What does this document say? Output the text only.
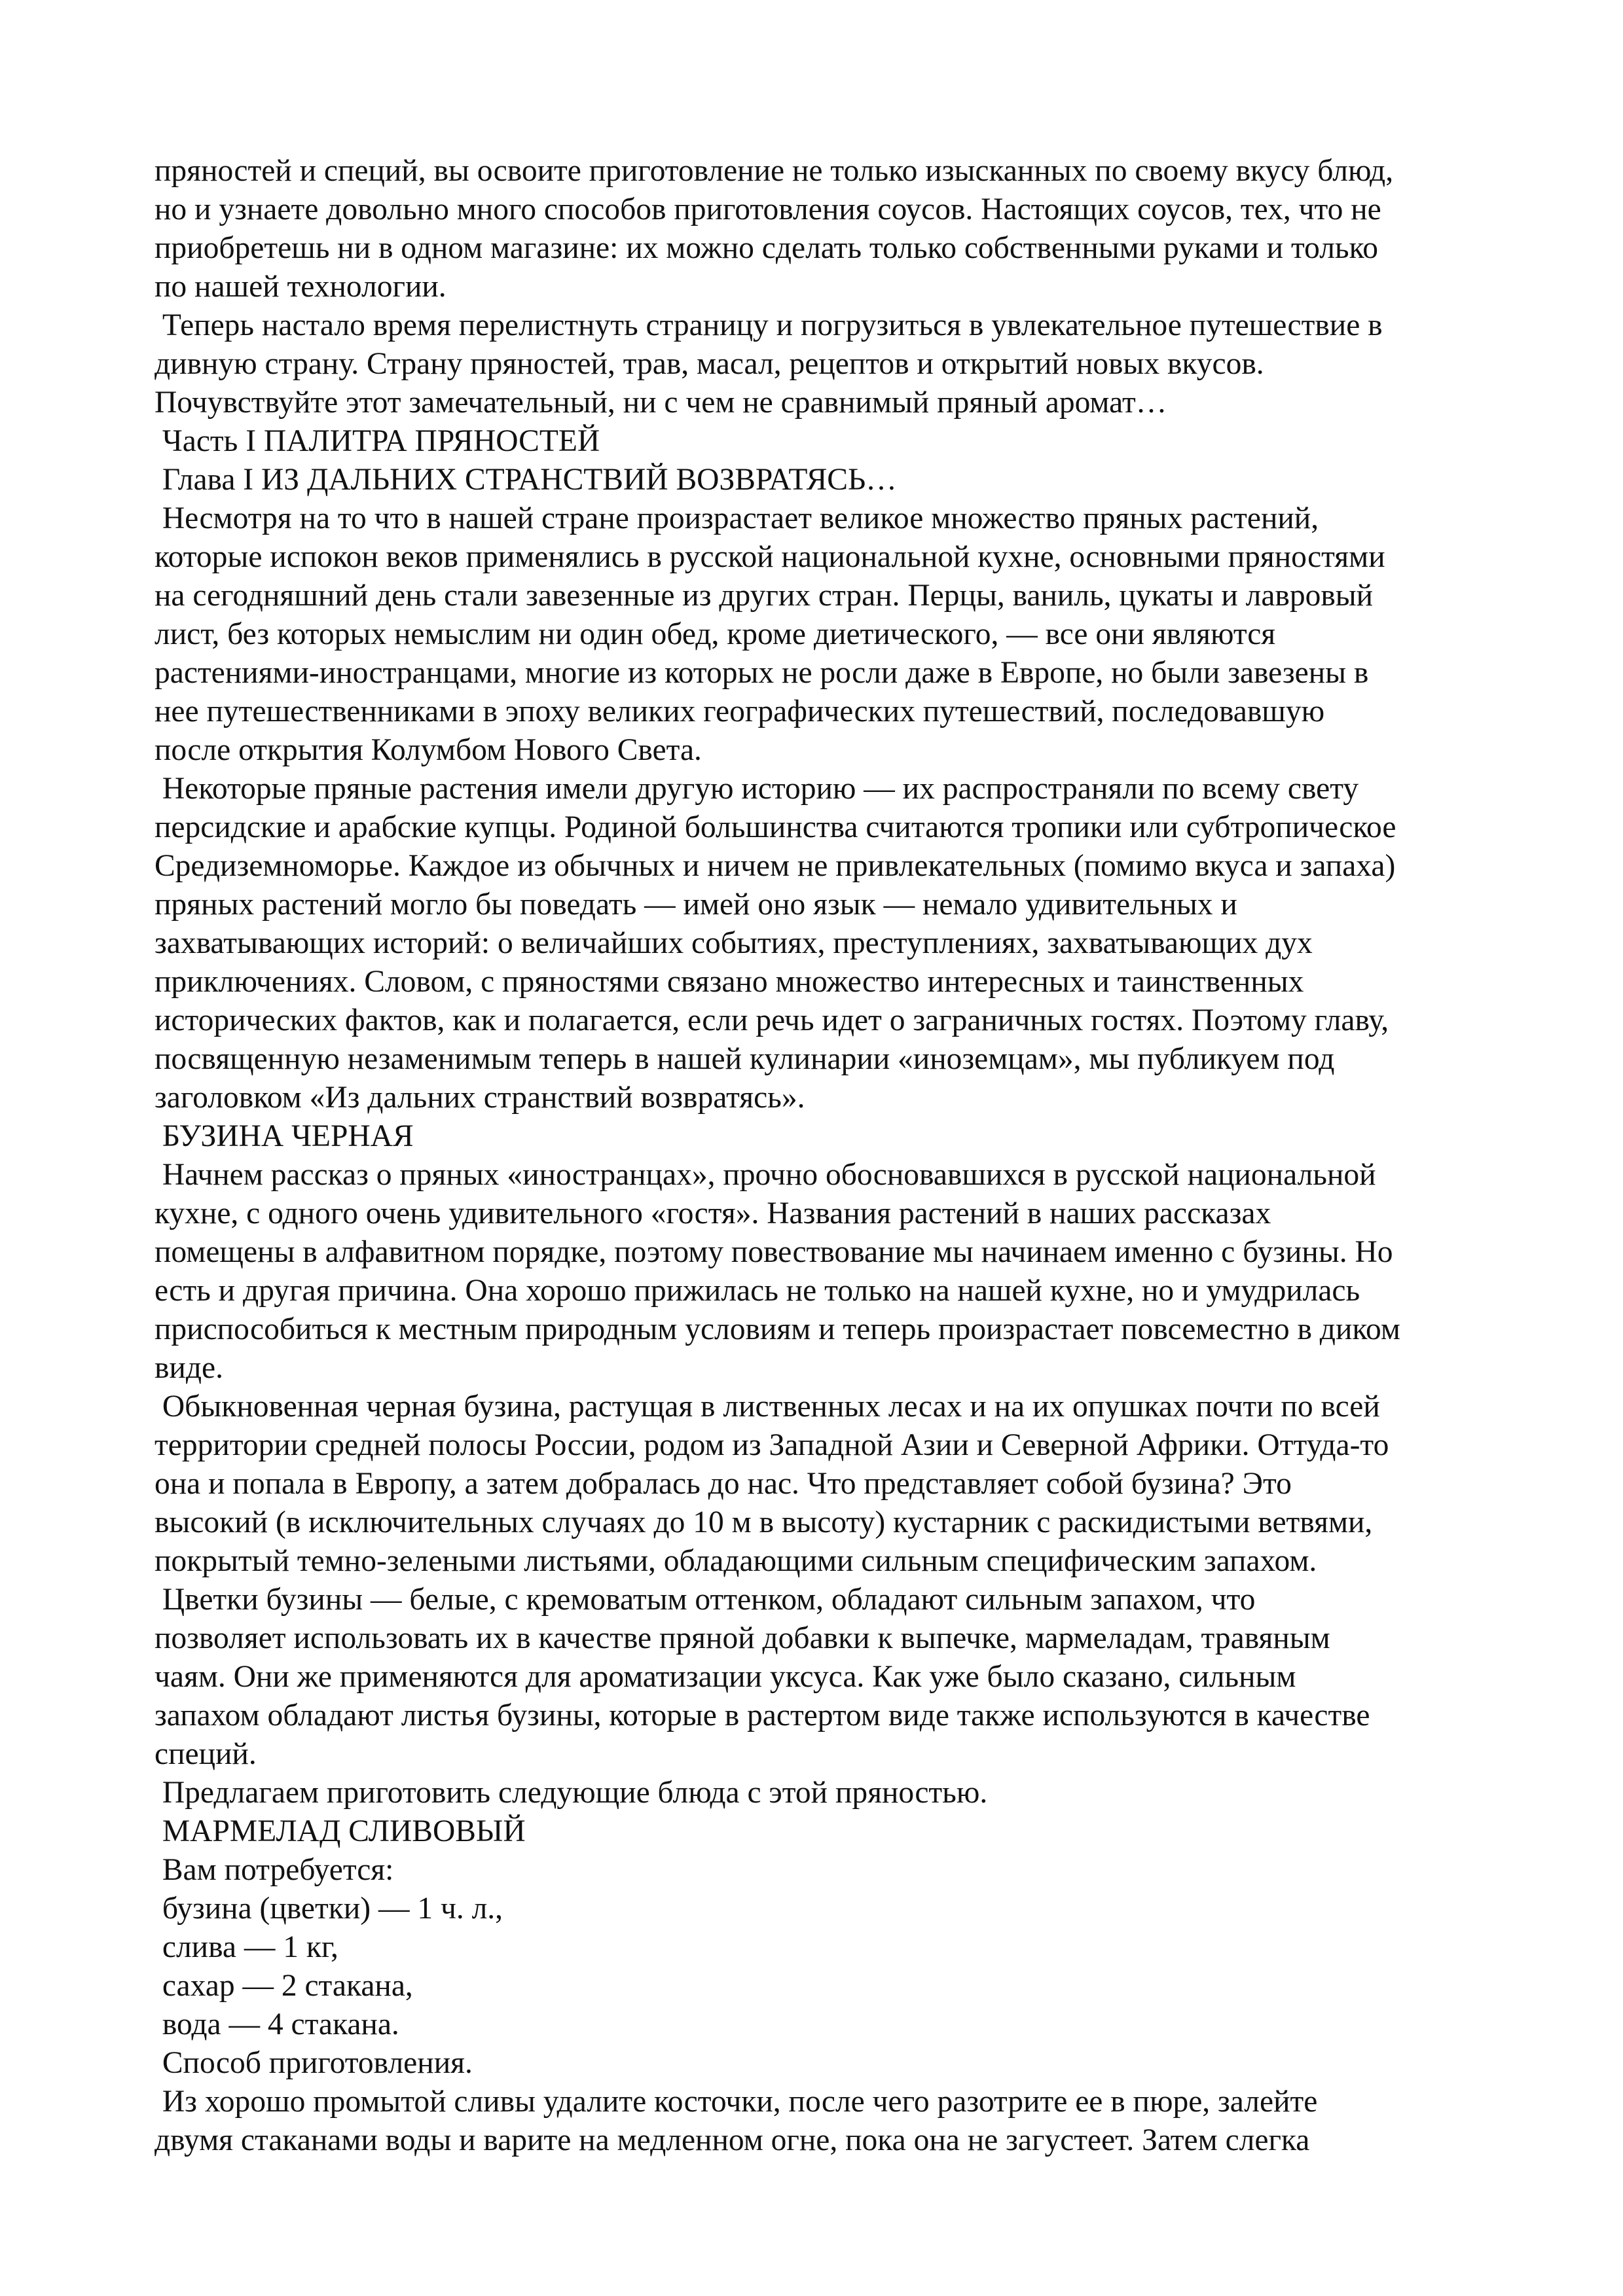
пряностей и специй, вы освоите приготовление не только изысканных по своему вкусу блюд,
но и узнаете довольно много способов приготовления соусов. Настоящих соусов, тех, что не
приобретешь ни в одном магазине: их можно сделать только собственными руками и только
по нашей технологии.
Теперь настало время перелистнуть страницу и погрузиться в увлекательное путешествие в
дивную страну. Страну пряностей, трав, масал, рецептов и открытий новых вкусов.
Почувствуйте этот замечательный, ни с чем не сравнимый пряный аромат…
Часть I ПАЛИТРА ПРЯНОСТЕЙ
Глава I ИЗ ДАЛЬНИХ СТРАНСТВИЙ ВОЗВРАТЯСЬ…
Несмотря на то что в нашей стране произрастает великое множество пряных растений,
которые испокон веков применялись в русской национальной кухне, основными пряностями
на сегодняшний день стали завезенные из других стран. Перцы, ваниль, цукаты и лавровый
лист, без которых немыслим ни один обед, кроме диетического, — все они являются
растениями-иностранцами, многие из которых не росли даже в Европе, но были завезены в
нее путешественниками в эпоху великих географических путешествий, последовавшую
после открытия Колумбом Нового Света.
Некоторые пряные растения имели другую историю — их распространяли по всему свету
персидские и арабские купцы. Родиной большинства считаются тропики или субтропическое
Средиземноморье. Каждое из обычных и ничем не привлекательных (помимо вкуса и запаха)
пряных растений могло бы поведать — имей оно язык — немало удивительных и
захватывающих историй: о величайших событиях, преступлениях, захватывающих дух
приключениях. Словом, с пряностями связано множество интересных и таинственных
исторических фактов, как и полагается, если речь идет о заграничных гостях. Поэтому главу,
посвященную незаменимым теперь в нашей кулинарии «иноземцам», мы публикуем под
заголовком «Из дальних странствий возвратясь».
БУЗИНА ЧЕРНАЯ
Начнем рассказ о пряных «иностранцах», прочно обосновавшихся в русской национальной
кухне, с одного очень удивительного «гостя». Названия растений в наших рассказах
помещены в алфавитном порядке, поэтому повествование мы начинаем именно с бузины. Но
есть и другая причина. Она хорошо прижилась не только на нашей кухне, но и умудрилась
приспособиться к местным природным условиям и теперь произрастает повсеместно в диком
виде.
Обыкновенная черная бузина, растущая в лиственных лесах и на их опушках почти по всей
территории средней полосы России, родом из Западной Азии и Северной Африки. Оттуда-то
она и попала в Европу, а затем добралась до нас. Что представляет собой бузина? Это
высокий (в исключительных случаях до 10 м в высоту) кустарник с раскидистыми ветвями,
покрытый темно-зелеными листьями, обладающими сильным специфическим запахом.
Цветки бузины — белые, с кремоватым оттенком, обладают сильным запахом, что
позволяет использовать их в качестве пряной добавки к выпечке, мармеладам, травяным
чаям. Они же применяются для ароматизации уксуса. Как уже было сказано, сильным
запахом обладают листья бузины, которые в растертом виде также используются в качестве
специй.
Предлагаем приготовить следующие блюда с этой пряностью.
МАРМЕЛАД СЛИВОВЫЙ
Вам потребуется:
бузина (цветки) — 1 ч. л.,
слива — 1 кг,
сахар — 2 стакана,
вода — 4 стакана.
Способ приготовления.
Из хорошо промытой сливы удалите косточки, после чего разотрите ее в пюре, залейте
двумя стаканами воды и варите на медленном огне, пока она не загустеет. Затем слегка
